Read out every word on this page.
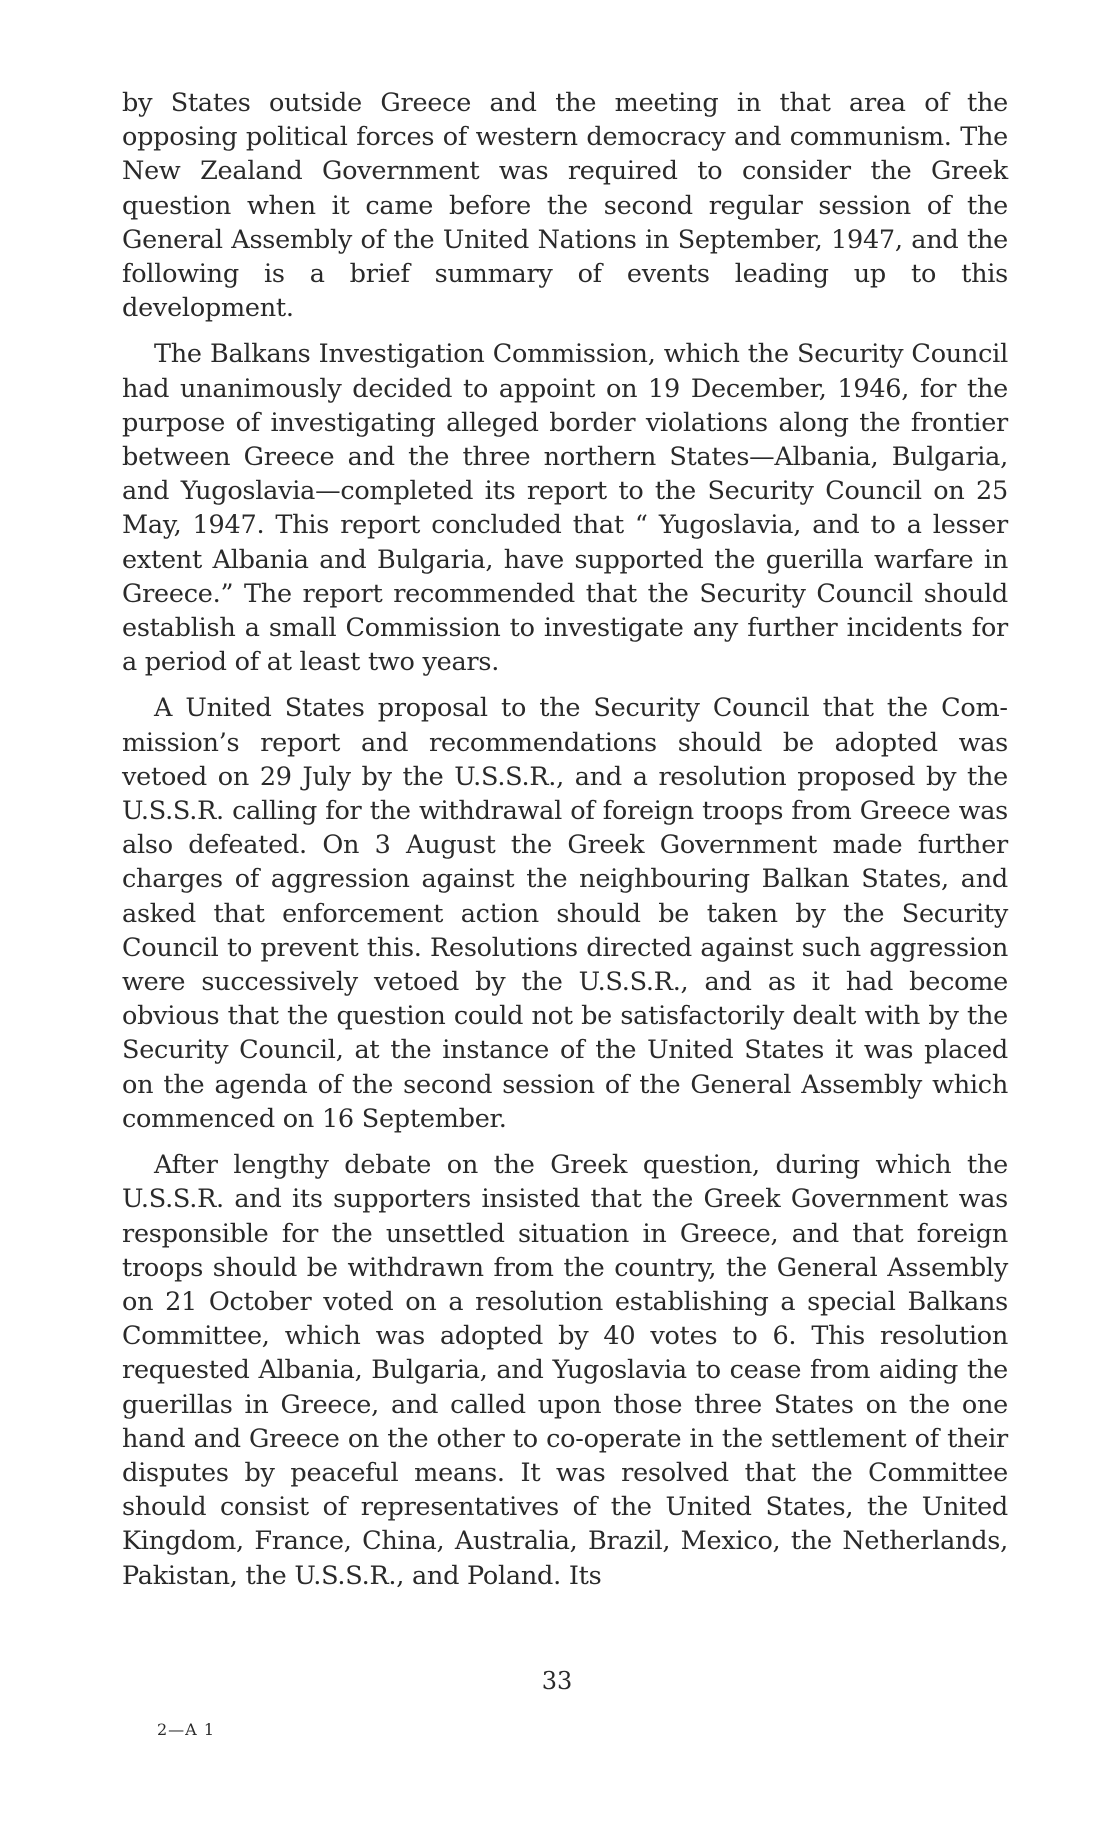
by States outside Greece and the meeting in that area of the opposing political forces of western democracy and communism. The New Zealand Government was required to consider the Greek question when it came before the second regular session of the General Assembly of the United Nations in September, 1947, and the following is a brief summary of events leading up to this development.

The Balkans Investigation Commission, which the Security Council had unanimously decided to appoint on 19 December, 1946, for the purpose of investigating alleged border violations along the frontier between Greece and the three northern States—Albania, Bulgaria, and Yugoslavia—completed its report to the Security Council on 25 May, 1947. This report concluded that “ Yugoslavia, and to a lesser extent Albania and Bulgaria, have supported the guerilla warfare in Greece.” The report recommended that the Security Council should establish a small Commission to investigate any further incidents for a period of at least two years.

A United States proposal to the Security Council that the Commission’s report and recommendations should be adopted was vetoed on 29 July by the U.S.S.R., and a resolution proposed by the U.S.S.R. calling for the withdrawal of foreign troops from Greece was also defeated. On 3 August the Greek Government made further charges of aggression against the neighbouring Balkan States, and asked that enforcement action should be taken by the Security Council to prevent this. Resolutions directed against such aggression were successively vetoed by the U.S.S.R., and as it had become obvious that the question could not be satisfactorily dealt with by the Security Council, at the instance of the United States it was placed on the agenda of the second session of the General Assembly which commenced on 16 September.

After lengthy debate on the Greek question, during which the U.S.S.R. and its supporters insisted that the Greek Government was responsible for the unsettled situation in Greece, and that foreign troops should be withdrawn from the country, the General Assembly on 21 October voted on a resolution establishing a special Balkans Committee, which was adopted by 40 votes to 6. This resolution requested Albania, Bulgaria, and Yugoslavia to cease from aiding the guerillas in Greece, and called upon those three States on the one hand and Greece on the other to co-operate in the settlement of their disputes by peaceful means. It was resolved that the Committee should consist of representatives of the United States, the United Kingdom, France, China, Australia, Brazil, Mexico, the Netherlands, Pakistan, the U.S.S.R., and Poland. Its

33
2—A 1
